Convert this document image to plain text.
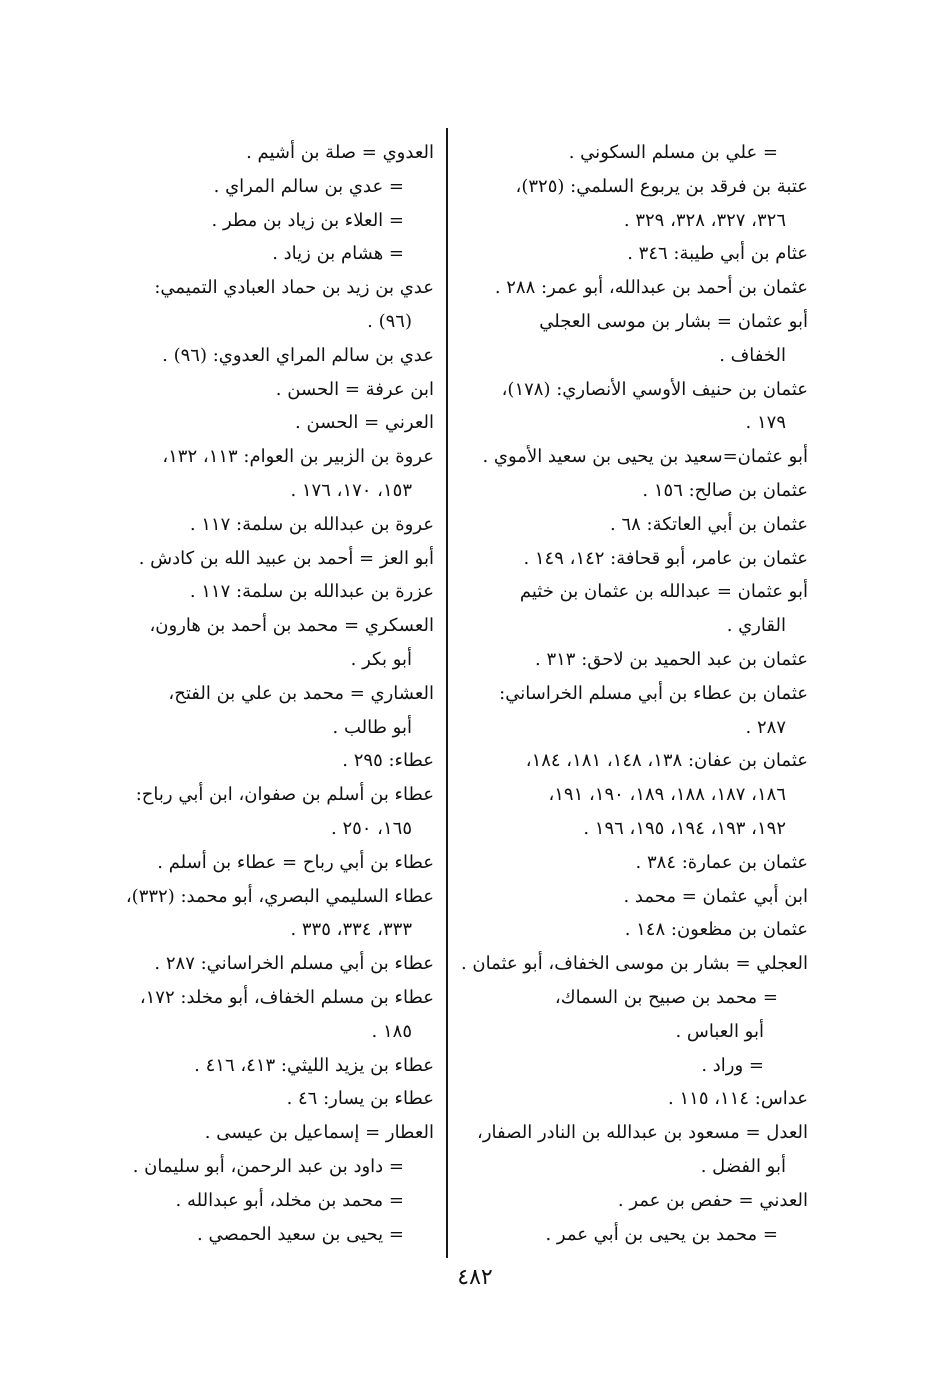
= علي بن مسلم السكوني .
عتبة بن فرقد بن يربوع السلمي: (٣٢٥)،
٣٢٦، ٣٢٧، ٣٢٨، ٣٢٩ .
عثام بن أبي طيبة: ٣٤٦ .
عثمان بن أحمد بن عبدالله، أبو عمر: ٢٨٨ .
أبو عثمان = بشار بن موسى العجلي
الخفاف .
عثمان بن حنيف الأوسي الأنصاري: (١٧٨)،
١٧٩ .
أبو عثمان=سعيد بن يحيى بن سعيد الأموي .
عثمان بن صالح: ١٥٦ .
عثمان بن أبي العاتكة: ٦٨ .
عثمان بن عامر، أبو قحافة: ١٤٢، ١٤٩ .
أبو عثمان = عبدالله بن عثمان بن خثيم
القاري .
عثمان بن عبد الحميد بن لاحق: ٣١٣ .
عثمان بن عطاء بن أبي مسلم الخراساني:
٢٨٧ .
عثمان بن عفان: ١٣٨، ١٤٨، ١٨١، ١٨٤،
١٨٦، ١٨٧، ١٨٨، ١٨٩، ١٩٠، ١٩١،
١٩٢، ١٩٣، ١٩٤، ١٩٥، ١٩٦ .
عثمان بن عمارة: ٣٨٤ .
ابن أبي عثمان = محمد .
عثمان بن مظعون: ١٤٨ .
العجلي = بشار بن موسى الخفاف، أبو عثمان .
= محمد بن صبيح بن السماك،
أبو العباس .
= وراد .
عداس: ١١٤، ١١٥ .
العدل = مسعود بن عبدالله بن النادر الصفار،
أبو الفضل .
العدني = حفص بن عمر .
= محمد بن يحيى بن أبي عمر .
العدوي = صلة بن أشيم .
= عدي بن سالم المراي .
= العلاء بن زياد بن مطر .
= هشام بن زياد .
عدي بن زيد بن حماد العبادي التميمي:
(٩٦) .
عدي بن سالم المراي العدوي: (٩٦) .
ابن عرفة = الحسن .
العرني = الحسن .
عروة بن الزبير بن العوام: ١١٣، ١٣٢،
١٥٣، ١٧٠، ١٧٦ .
عروة بن عبدالله بن سلمة: ١١٧ .
أبو العز = أحمد بن عبيد الله بن كادش .
عزرة بن عبدالله بن سلمة: ١١٧ .
العسكري = محمد بن أحمد بن هارون،
أبو بكر .
العشاري = محمد بن علي بن الفتح،
أبو طالب .
عطاء: ٢٩٥ .
عطاء بن أسلم بن صفوان، ابن أبي رباح:
١٦٥، ٢٥٠ .
عطاء بن أبي رباح = عطاء بن أسلم .
عطاء السليمي البصري، أبو محمد: (٣٣٢)،
٣٣٣، ٣٣٤، ٣٣٥ .
عطاء بن أبي مسلم الخراساني: ٢٨٧ .
عطاء بن مسلم الخفاف، أبو مخلد: ١٧٢،
١٨٥ .
عطاء بن يزيد الليثي: ٤١٣، ٤١٦ .
عطاء بن يسار: ٤٦ .
العطار = إسماعيل بن عيسى .
= داود بن عبد الرحمن، أبو سليمان .
= محمد بن مخلد، أبو عبدالله .
= يحيى بن سعيد الحمصي .
٤٨٢
